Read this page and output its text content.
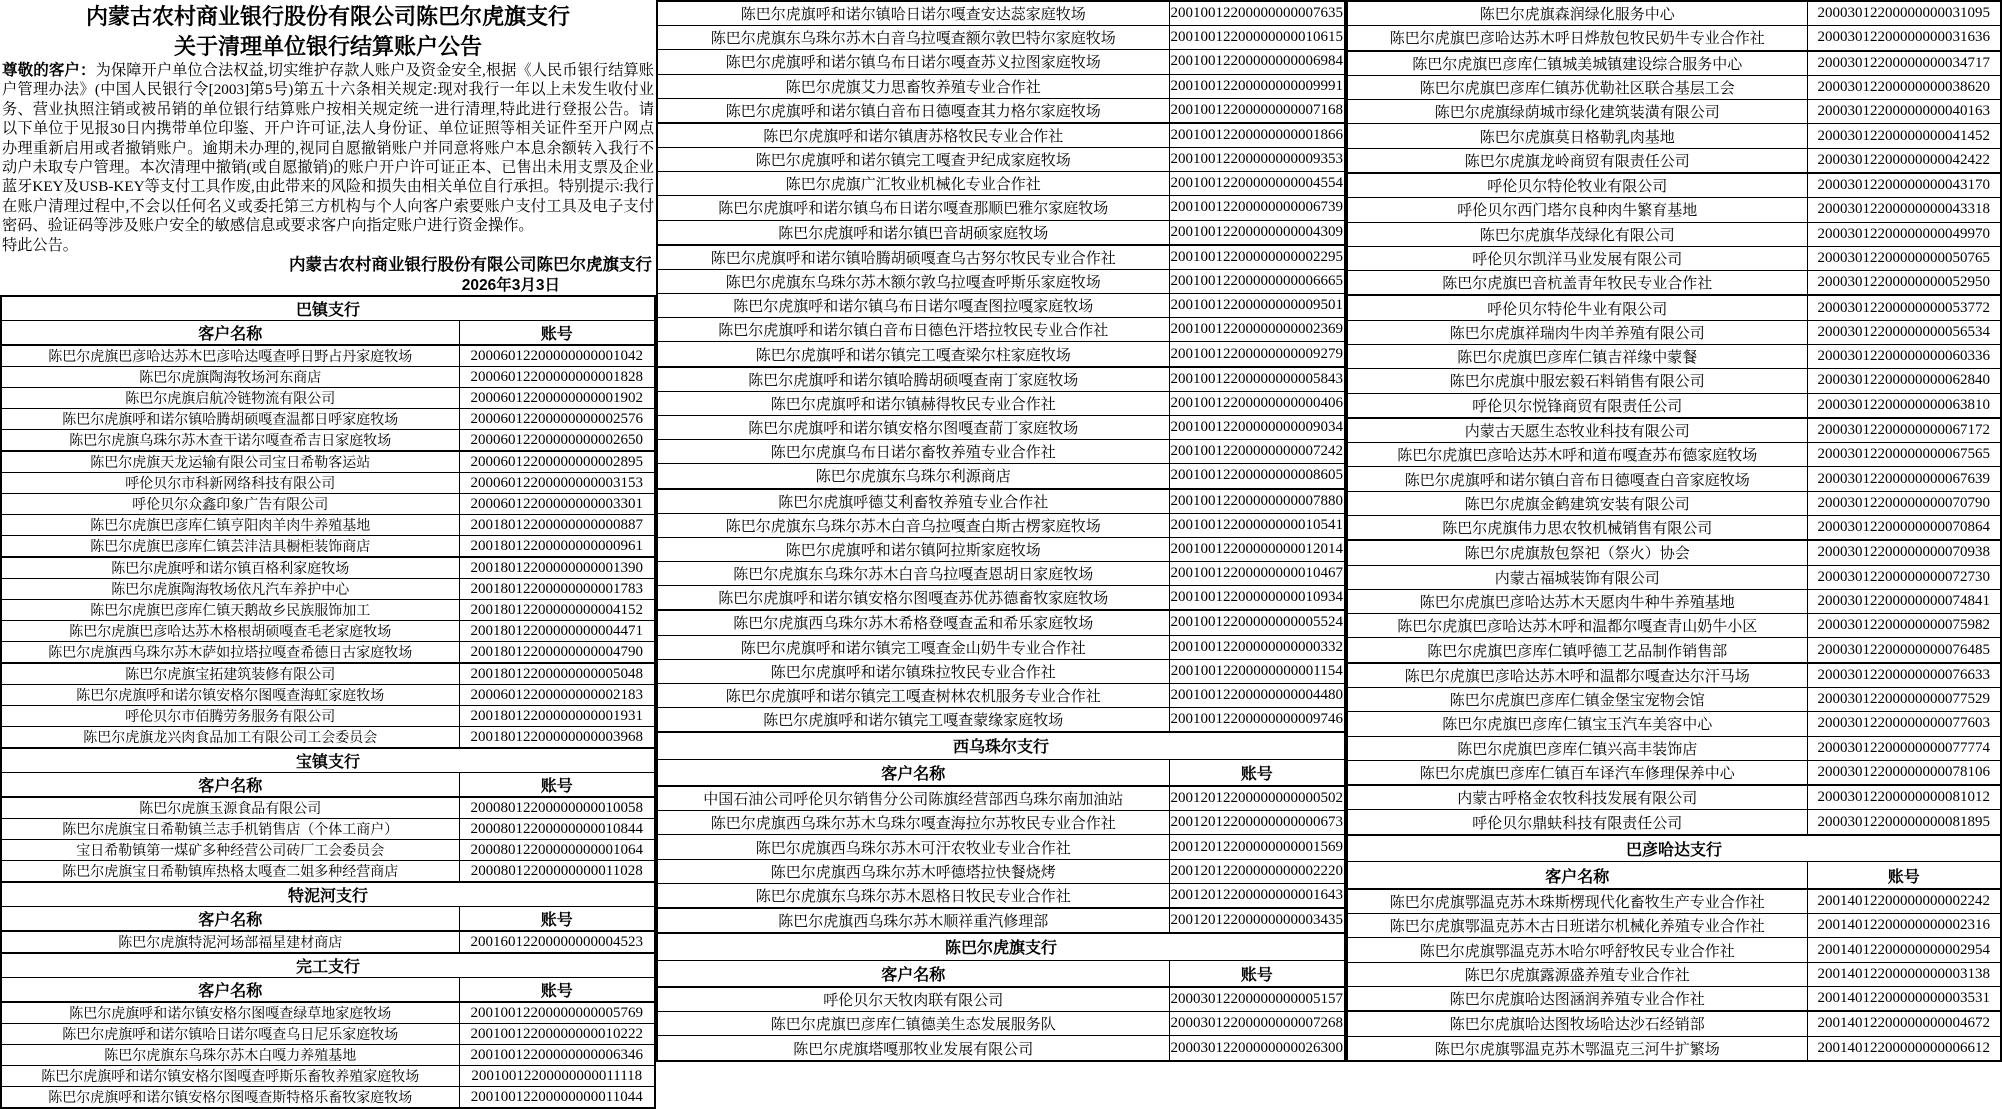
内蒙古农村商业银行股份有限公司陈巴尔虎旗支行
关于清理单位银行结算账户公告
尊敬的客户：为保障开户单位合法权益,切实维护存款人账户及资金安全,根据《人民币银行结算账户管理办法》(中国人民银行令[2003]第5号)第五十六条相关规定:现对我行一年以上未发生收付业务、营业执照注销或被吊销的单位银行结算账户按相关规定统一进行清理,特此进行登报公告。请以下单位于见报30日内携带单位印鉴、开户许可证,法人身份证、单位证照等相关证件至开户网点办理重新启用或者撤销账户。逾期未办理的,视同自愿撤销账户并同意将账户本息余额转入我行不动户未取专户管理。本次清理中撤销(或自愿撤销)的账户开户许可证正本、已售出未用支票及企业蓝牙KEY及USB-KEY等支付工具作废,由此带来的风险和损失由相关单位自行承担。特别提示:我行在账户清理过程中,不会以任何名义或委托第三方机构与个人向客户索要账户支付工具及电子支付密码、验证码等涉及账户安全的敏感信息或要求客户向指定账户进行资金操作。
特此公告。
内蒙古农村商业银行股份有限公司陈巴尔虎旗支行
2026年3月3日
巴镇支行	
客户名称	账号
陈巴尔虎旗巴彦哈达苏木巴彦哈达嘎查呼日野占丹家庭牧场	20006012200000000001042
陈巴尔虎旗陶海牧场河东商店	20006012200000000001828
陈巴尔虎旗启航冷链物流有限公司	20006012200000000001902
陈巴尔虎旗呼和诺尔镇哈腾胡硕嘎查温都日呼家庭牧场	20006012200000000002576
陈巴尔虎旗乌珠尔苏木查干诺尔嘎查希吉日家庭牧场	20006012200000000002650
陈巴尔虎旗天龙运输有限公司宝日希勒客运站	20006012200000000002895
呼伦贝尔市科新网络科技有限公司	20006012200000000003153
呼伦贝尔众鑫印象广告有限公司	20006012200000000003301
陈巴尔虎旗巴彦库仁镇亨阳肉羊肉牛养殖基地	20018012200000000000887
陈巴尔虎旗巴彦库仁镇芸沣洁具橱柜装饰商店	20018012200000000000961
陈巴尔虎旗呼和诺尔镇百格利家庭牧场	20018012200000000001390
陈巴尔虎旗陶海牧场依凡汽车养护中心	20018012200000000001783
陈巴尔虎旗巴彦库仁镇天鹅故乡民族服饰加工	20018012200000000004152
陈巴尔虎旗巴彦哈达苏木格根胡硕嘎查毛老家庭牧场	20018012200000000004471
陈巴尔虎旗西乌珠尔苏木萨如拉塔拉嘎查希德日古家庭牧场	20018012200000000004790
陈巴尔虎旗宝拓建筑装修有限公司	20018012200000000005048
陈巴尔虎旗呼和诺尔镇安格尔图嘎查海虹家庭牧场	20006012200000000002183
呼伦贝尔市佰腾劳务服务有限公司	20018012200000000001931
陈巴尔虎旗龙兴肉食品加工有限公司工会委员会	20018012200000000003968
宝镇支行	
客户名称	账号
陈巴尔虎旗玉源食品有限公司	20008012200000000010058
陈巴尔虎旗宝日希勒镇兰志手机销售店（个体工商户）	20008012200000000010844
宝日希勒镇第一煤矿多种经营公司砖厂工会委员会	20008012200000000001064
陈巴尔虎旗宝日希勒镇库热格太嘎查二姐多种经营商店	20008012200000000011028
特泥河支行	
客户名称	账号
陈巴尔虎旗特泥河场部福星建材商店	20016012200000000004523
完工支行	
客户名称	账号
陈巴尔虎旗呼和诺尔镇安格尔图嘎查绿草地家庭牧场	20010012200000000005769
陈巴尔虎旗呼和诺尔镇哈日诺尔嘎查乌日尼乐家庭牧场	20010012200000000010222
陈巴尔虎旗东乌珠尔苏木白嘎力养殖基地	20010012200000000006346
陈巴尔虎旗呼和诺尔镇安格尔图嘎查呼斯乐畜牧养殖家庭牧场	20010012200000000011118
陈巴尔虎旗呼和诺尔镇安格尔图嘎查斯特格乐畜牧家庭牧场	20010012200000000011044
陈巴尔虎旗呼和诺尔镇哈日诺尔嘎查安达蕊家庭牧场	20010012200000000007635
陈巴尔虎旗东乌珠尔苏木白音乌拉嘎查额尔敦巴特尔家庭牧场	20010012200000000010615
陈巴尔虎旗呼和诺尔镇乌布日诺尔嘎查苏义拉图家庭牧场	20010012200000000006984
陈巴尔虎旗艾力思畜牧养殖专业合作社	20010012200000000009991
陈巴尔虎旗呼和诺尔镇白音布日德嘎查其力格尔家庭牧场	20010012200000000007168
陈巴尔虎旗呼和诺尔镇唐苏格牧民专业合作社	20010012200000000001866
陈巴尔虎旗呼和诺尔镇完工嘎查尹纪成家庭牧场	20010012200000000009353
陈巴尔虎旗广汇牧业机械化专业合作社	20010012200000000004554
陈巴尔虎旗呼和诺尔镇乌布日诺尔嘎查那顺巴雅尔家庭牧场	20010012200000000006739
陈巴尔虎旗呼和诺尔镇巴音胡硕家庭牧场	20010012200000000004309
陈巴尔虎旗呼和诺尔镇哈腾胡硕嘎查乌古努尔牧民专业合作社	20010012200000000002295
陈巴尔虎旗东乌珠尔苏木额尔敦乌拉嘎查呼斯乐家庭牧场	20010012200000000006665
陈巴尔虎旗呼和诺尔镇乌布日诺尔嘎查图拉嘎家庭牧场	20010012200000000009501
陈巴尔虎旗呼和诺尔镇白音布日德色汗塔拉牧民专业合作社	20010012200000000002369
陈巴尔虎旗呼和诺尔镇完工嘎查梁尔柱家庭牧场	20010012200000000009279
陈巴尔虎旗呼和诺尔镇哈腾胡硕嘎查南丁家庭牧场	20010012200000000005843
陈巴尔虎旗呼和诺尔镇赫得牧民专业合作社	20010012200000000000406
陈巴尔虎旗呼和诺尔镇安格尔图嘎查葥丁家庭牧场	20010012200000000009034
陈巴尔虎旗乌布日诺尔畜牧养殖专业合作社	20010012200000000007242
陈巴尔虎旗东乌珠尔利源商店	20010012200000000008605
陈巴尔虎旗呼德艾利畜牧养殖专业合作社	20010012200000000007880
陈巴尔虎旗东乌珠尔苏木白音乌拉嘎查白斯古楞家庭牧场	20010012200000000010541
陈巴尔虎旗呼和诺尔镇阿拉斯家庭牧场	20010012200000000012014
陈巴尔虎旗东乌珠尔苏木白音乌拉嘎查恩胡日家庭牧场	20010012200000000010467
陈巴尔虎旗呼和诺尔镇安格尔图嘎查苏优苏德畜牧家庭牧场	20010012200000000010934
陈巴尔虎旗西乌珠尔苏木希格登嘎查孟和希乐家庭牧场	20010012200000000005524
陈巴尔虎旗呼和诺尔镇完工嘎查金山奶牛专业合作社	20010012200000000000332
陈巴尔虎旗呼和诺尔镇珠拉牧民专业合作社	20010012200000000001154
陈巴尔虎旗呼和诺尔镇完工嘎查树林农机服务专业合作社	20010012200000000004480
陈巴尔虎旗呼和诺尔镇完工嘎查蒙缘家庭牧场	20010012200000000009746
西乌珠尔支行	
客户名称	账号
中国石油公司呼伦贝尔销售分公司陈旗经营部西乌珠尔南加油站	20012012200000000000502
陈巴尔虎旗西乌珠尔苏木乌珠尔嘎查海拉尔苏牧民专业合作社	20012012200000000000673
陈巴尔虎旗西乌珠尔苏木可汗农牧业专业合作社	20012012200000000001569
陈巴尔虎旗西乌珠尔苏木呼德塔拉快餐烧烤	20012012200000000002220
陈巴尔虎旗东乌珠尔苏木恩格日牧民专业合作社	20012012200000000001643
陈巴尔虎旗西乌珠尔苏木顺祥重汽修理部	20012012200000000003435
陈巴尔虎旗支行	
客户名称	账号
呼伦贝尔天牧肉联有限公司	20003012200000000005157
陈巴尔虎旗巴彦库仁镇德美生态发展服务队	20003012200000000007268
陈巴尔虎旗塔嘎那牧业发展有限公司	20003012200000000026300
陈巴尔虎旗森润绿化服务中心	20003012200000000031095
陈巴尔虎旗巴彦哈达苏木呼日烨敖包牧民奶牛专业合作社	20003012200000000031636
陈巴尔虎旗巴彦库仁镇城美城镇建设综合服务中心	20003012200000000034717
陈巴尔虎旗巴彦库仁镇苏优勒社区联合基层工会	20003012200000000038620
陈巴尔虎旗绿荫城市绿化建筑装潢有限公司	20003012200000000040163
陈巴尔虎旗莫日格勒乳肉基地	20003012200000000041452
陈巴尔虎旗龙岭商贸有限责任公司	20003012200000000042422
呼伦贝尔特伦牧业有限公司	20003012200000000043170
呼伦贝尔西门塔尔良种肉牛繁育基地	20003012200000000043318
陈巴尔虎旗华茂绿化有限公司	20003012200000000049970
呼伦贝尔凯洋马业发展有限公司	20003012200000000050765
陈巴尔虎旗巴音杭盖青年牧民专业合作社	20003012200000000052950
呼伦贝尔特伦牛业有限公司	20003012200000000053772
陈巴尔虎旗祥瑞肉牛肉羊养殖有限公司	20003012200000000056534
陈巴尔虎旗巴彦库仁镇吉祥缘中蒙餐	20003012200000000060336
陈巴尔虎旗中服宏毅石料销售有限公司	20003012200000000062840
呼伦贝尔悦锋商贸有限责任公司	20003012200000000063810
内蒙古天愿生态牧业科技有限公司	20003012200000000067172
陈巴尔虎旗巴彦哈达苏木呼和道布嘎查苏布德家庭牧场	20003012200000000067565
陈巴尔虎旗呼和诺尔镇白音布日德嘎查白音家庭牧场	20003012200000000067639
陈巴尔虎旗金鹤建筑安装有限公司	20003012200000000070790
陈巴尔虎旗伟力思农牧机械销售有限公司	20003012200000000070864
陈巴尔虎旗敖包祭祀（祭火）协会	20003012200000000070938
内蒙古福城装饰有限公司	20003012200000000072730
陈巴尔虎旗巴彦哈达苏木天愿肉牛种牛养殖基地	20003012200000000074841
陈巴尔虎旗巴彦哈达苏木呼和温都尔嘎查青山奶牛小区	20003012200000000075982
陈巴尔虎旗巴彦库仁镇呼德工艺品制作销售部	20003012200000000076485
陈巴尔虎旗巴彦哈达苏木呼和温都尔嘎查达尔汗马场	20003012200000000076633
陈巴尔虎旗巴彦库仁镇金堡宝宠物会馆	20003012200000000077529
陈巴尔虎旗巴彦库仁镇宝玉汽车美容中心	20003012200000000077603
陈巴尔虎旗巴彦库仁镇兴高丰装饰店	20003012200000000077774
陈巴尔虎旗巴彦库仁镇百车译汽车修理保养中心	20003012200000000078106
内蒙古呼格金农牧科技发展有限公司	20003012200000000081012
呼伦贝尔鼎蚨科技有限责任公司	20003012200000000081895
巴彦哈达支行	
客户名称	账号
陈巴尔虎旗鄂温克苏木珠斯楞现代化畜牧生产专业合作社	20014012200000000002242
陈巴尔虎旗鄂温克苏木古日班诺尔机械化养殖专业合作社	20014012200000000002316
陈巴尔虎旗鄂温克苏木哈尔呼舒牧民专业合作社	20014012200000000002954
陈巴尔虎旗露源盛养殖专业合作社	20014012200000000003138
陈巴尔虎旗哈达图涵润养殖专业合作社	20014012200000000003531
陈巴尔虎旗哈达图牧场哈达沙石经销部	20014012200000000004672
陈巴尔虎旗鄂温克苏木鄂温克三河牛扩繁场	20014012200000000006612
